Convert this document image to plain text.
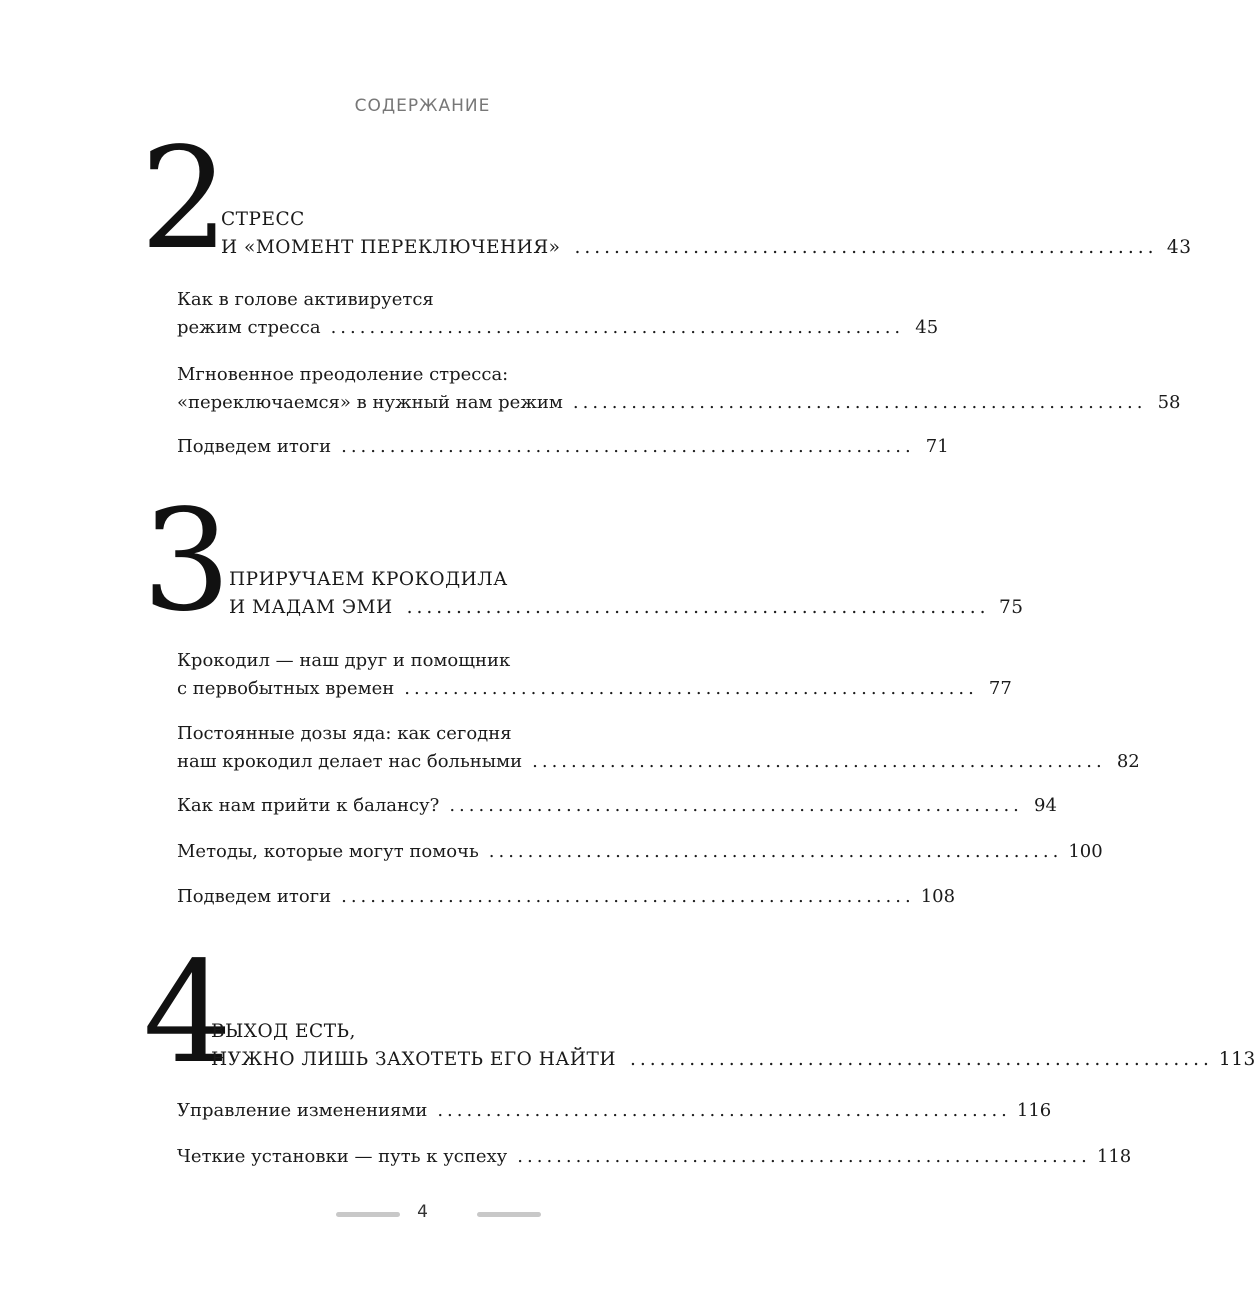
СОДЕРЖАНИЕ
2
СТРЕСС
И «МОМЕНТ ПЕРЕКЛЮЧЕНИЯ» ........................................................... 43
Как в голове активируется
режим стресса ........................................................... 45
Мгновенное преодоление стресса:
«переключаемся» в нужный нам режим ........................................................... 58
Подведем итоги ........................................................... 71
3
ПРИРУЧАЕМ КРОКОДИЛА
И МАДАМ ЭМИ ........................................................... 75
Крокодил — наш друг и помощник
с первобытных времен ........................................................... 77
Постоянные дозы яда: как сегодня
наш крокодил делает нас больными ........................................................... 82
Как нам прийти к балансу? ........................................................... 94
Методы, которые могут помочь ........................................................... 100
Подведем итоги ........................................................... 108
4
ВЫХОД ЕСТЬ,
НУЖНО ЛИШЬ ЗАХОТЕТЬ ЕГО НАЙТИ ........................................................... 113
Управление изменениями ........................................................... 116
Четкие установки — путь к успеху ........................................................... 118
4
